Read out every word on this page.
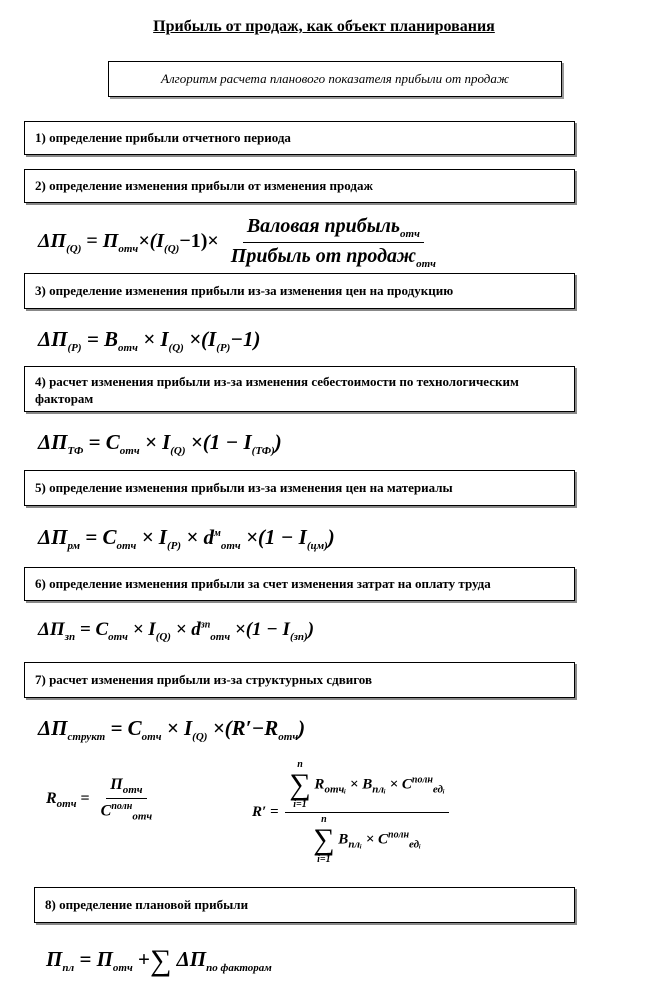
Прибыль от продаж, как объект планирования
Алгоритм расчета планового показателя прибыли от продаж
1) определение прибыли отчетного периода
2) определение изменения прибыли от изменения продаж
$\Delta П_{(Q)} = П_{отч}\times(I_{(Q)}-1)\times \frac{Валовая прибыль_{отч}}{Прибыль от продаж_{отч}}$
3) определение изменения прибыли из-за изменения цен на продукцию
$\Delta П_{(P)} = B_{отч} \times I_{(Q)} \times(I_{(P)}-1)$
4) расчет изменения прибыли из-за изменения себестоимости по технологическим факторам
$\Delta П_{ТФ} = C_{отч} \times I_{(Q)} \times(1 - I_{(ТФ)})$
5) определение изменения прибыли из-за изменения цен на материалы
$\Delta П_{рм} = C_{отч} \times I_{(P)} \times d^м_{отч} \times(1 - I_{(цм)})$
6) определение изменения прибыли за счет изменения затрат на оплату труда
$\Delta П_{зп} = C_{отч} \times I_{(Q)} \times d^{зп}_{отч} \times(1 - I_{(зп)})$
7) расчет изменения прибыли из-за структурных сдвигов
$\Delta П_{структ} = C_{отч} \times I_{(Q)} \times(R'-R_{отч})$
$R_{отч} = \frac{П_{отч}}{C^{полн}_{отч}}$	R′ = n
∑
i=1
$R_{отчᵢ} \times B_{плᵢ} \times C^{полн}_{едᵢ}$
n
∑
i=1
$B_{плᵢ} \times C^{полн}_{едᵢ}$
8) определение плановой прибыли
$П_{пл} = П_{отч}$ +∑ $\Delta П_{по факторам}$
